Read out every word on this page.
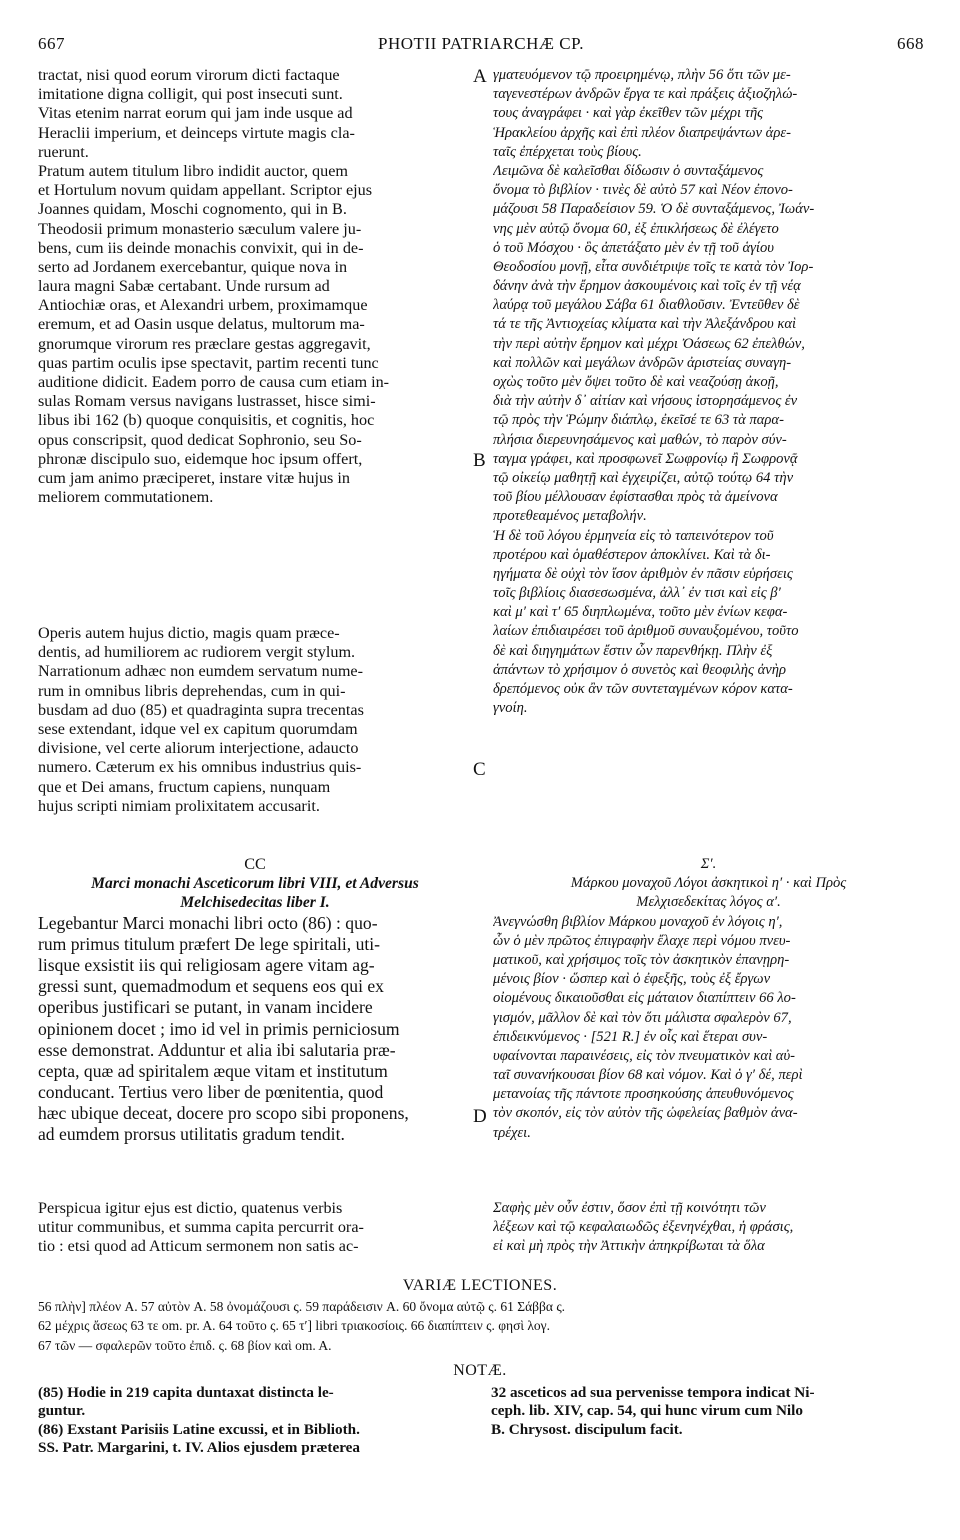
667	PHOTII PATRIARCHÆ CP.	668
tractat, nisi quod eorum virorum dicti factaque
imitatione digna colligit, qui post insecuti sunt.
Vitas etenim narrat eorum qui jam inde usque ad
Heraclii imperium, et deinceps virtute magis cla-
ruerunt.
Pratum autem titulum libro indidit auctor, quem
et Hortulum novum quidam appellant. Scriptor ejus
Joannes quidam, Moschi cognomento, qui in B.
Theodosii primum monasterio sæculum valere ju-
bens, cum iis deinde monachis convixit, qui in de-
serto ad Jordanem exercebantur, quique nova in
laura magni Sabæ certabant. Unde rursum ad
Antiochiæ oras, et Alexandri urbem, proximamque
eremum, et ad Oasin usque delatus, multorum ma-
gnorumque virorum res præclare gestas aggregavit,
quas partim oculis ipse spectavit, partim recenti tunc
auditione didicit. Eadem porro de causa cum etiam in-
sulas Romam versus navigans lustrasset, hisce simi-
libus ibi 162 (b) quoque conquisitis, et cognitis, hoc
opus conscripsit, quod dedicat Sophronio, seu So-
phronæ discipulo suo, eidemque hoc ipsum offert,
cum jam animo præciperet, instare vitæ hujus in
meliorem commutationem.
Operis autem hujus dictio, magis quam præce-
dentis, ad humiliorem ac rudiorem vergit stylum.
Narrationum adhæc non eumdem servatum nume-
rum in omnibus libris deprehendas, cum in qui-
busdam ad duo (85) et quadraginta supra trecentas
sese extendant, idque vel ex capitum quorumdam
divisione, vel certe aliorum interjectione, adaucto
numero. Cæterum ex his omnibus industrius quis-
que et Dei amans, fructum capiens, nunquam
hujus scripti nimiam prolixitatem accusarit.
CC
Marci monachi Asceticorum libri VIII, et Adversus
Melchisedecitas liber I.
Legebantur Marci monachi libri octo (86) : quo-
rum primus titulum præfert De lege spiritali, uti-
lisque exsistit iis qui religiosam agere vitam ag-
gressi sunt, quemadmodum et sequens eos qui ex
operibus justificari se putant, in vanam incidere
opinionem docet ; imo id vel in primis perniciosum
esse demonstrat. Adduntur et alia ibi salutaria præ-
cepta, quæ ad spiritalem æque vitam et institutum
conducant. Tertius vero liber de pœnitentia, quod
hæc ubique deceat, docere pro scopo sibi proponens,
ad eumdem prorsus utilitatis gradum tendit.
Perspicua igitur ejus est dictio, quatenus verbis
utitur communibus, et summa capita percurrit ora-
tio : etsi quod ad Atticum sermonem non satis ac-
γματευόμενον τῷ προειρημένῳ, πλὴν 56 ὅτι τῶν με-
ταγενεστέρων ἀνδρῶν ἔργα τε καὶ πράξεις ἀξιοζηλώ-
τους ἀναγράφει · καὶ γὰρ ἐκεῖθεν τῶν μέχρι τῆς
Ἡρακλείου ἀρχῆς καὶ ἐπὶ πλέον διαπρεψάντων ἀρε-
ταῖς ἐπέρχεται τοὺς βίους.
Λειμῶνα δὲ καλεῖσθαι δίδωσιν ὁ συνταξάμενος
ὄνομα τὸ βιβλίον · τινὲς δὲ αὐτὸ 57 καὶ Νέον ἐπονο-
μάζουσι 58 Παραδείσιον 59. Ὁ δὲ συνταξάμενος, Ἰωάν-
νης μὲν αὐτῷ ὄνομα 60, ἐξ ἐπικλήσεως δὲ ἐλέγετο
ὁ τοῦ Μόσχου · ὃς ἀπετάξατο μὲν ἐν τῇ τοῦ ἁγίου
Θεοδοσίου μονῇ, εἶτα συνδιέτριψε τοῖς τε κατὰ τὸν Ἰορ-
δάνην ἀνὰ τὴν ἔρημον ἀσκουμένοις καὶ τοῖς ἐν τῇ νέᾳ
λαύρᾳ τοῦ μεγάλου Σάβα 61 διαθλοῦσιν. Ἐντεῦθεν δὲ
τά τε τῆς Ἀντιοχείας κλίματα καὶ τὴν Ἀλεξάνδρου καὶ
τὴν περὶ αὐτὴν ἔρημον καὶ μέχρι Ὀάσεως 62 ἐπελθών,
καὶ πολλῶν καὶ μεγάλων ἀνδρῶν ἀριστείας συναγη-
οχὼς τοῦτο μὲν ὄψει τοῦτο δὲ καὶ νεαζούσῃ ἀκοῇ,
διὰ τὴν αὐτὴν δ᾽ αἰτίαν καὶ νήσους ἱστορησάμενος ἐν
τῷ πρὸς τὴν Ῥώμην διάπλῳ, ἐκεῖσέ τε 63 τὰ παρα-
πλήσια διερευνησάμενος καὶ μαθών, τὸ παρὸν σύν-
ταγμα γράφει, καὶ προσφωνεῖ Σωφρονίῳ ἢ Σωφρονᾷ
τῷ οἰκείῳ μαθητῇ καὶ ἐγχειρίζει, αὐτῷ τούτῳ 64 τὴν
τοῦ βίου μέλλουσαν ἐφίστασθαι πρὸς τὰ ἀμείνονα
προτεθεαμένος μεταβολήν.
Ἡ δὲ τοῦ λόγου ἑρμηνεία εἰς τὸ ταπεινότερον τοῦ
προτέρου καὶ ὁμαθέστερον ἀποκλίνει. Καὶ τὰ δι-
ηγήματα δὲ οὐχὶ τὸν ἴσον ἀριθμὸν ἐν πᾶσιν εὑρήσεις
τοῖς βιβλίοις διασεσωσμένα, ἀλλ᾽ ἐν τισι καὶ εἰς β′
καὶ μ′ καὶ τ′ 65 διηπλωμένα, τοῦτο μὲν ἐνίων κεφα-
λαίων ἐπιδιαιρέσει τοῦ ἀριθμοῦ συναυξομένου, τοῦτο
δὲ καὶ διηγημάτων ἔστιν ὧν παρενθήκῃ. Πλὴν ἐξ
ἁπάντων τὸ χρήσιμον ὁ συνετὸς καὶ θεοφιλὴς ἀνὴρ
δρεπόμενος οὐκ ἂν τῶν συντεταγμένων κόρον κατα-
γνοίη.
Σ′.
Μάρκου μοναχοῦ Λόγοι ἀσκητικοὶ η′ · καὶ Πρὸς
Μελχισεδεκίτας λόγος α′.
Ἀνεγνώσθη βιβλίον Μάρκου μοναχοῦ ἐν λόγοις η′,
ὧν ὁ μὲν πρῶτος ἐπιγραφὴν ἔλαχε περὶ νόμου πνευ-
ματικοῦ, καὶ χρήσιμος τοῖς τὸν ἀσκητικὸν ἐπανῃρη-
μένοις βίον · ὥσπερ καὶ ὁ ἐφεξῆς, τοὺς ἐξ ἔργων
οἰομένους δικαιοῦσθαι εἰς μάταιον διαπίπτειν 66 λο-
γισμόν, μᾶλλον δὲ καὶ τὸν ὅτι μάλιστα σφαλερὸν 67,
ἐπιδεικνύμενος · [521 R.] ἐν οἷς καὶ ἕτεραι συν-
υφαίνονται παραινέσεις, εἰς τὸν πνευματικὸν καὶ αὐ-
ταῖ συνανήκουσαι βίον 68 καὶ νόμον. Καὶ ὁ γ′ δέ, περὶ
μετανοίας τῆς πάντοτε προσηκούσης ἀπευθυνόμενος
τὸν σκοπόν, εἰς τὸν αὐτὸν τῆς ὠφελείας βαθμὸν ἀνα-
τρέχει.
Σαφὴς μὲν οὖν ἐστιν, ὅσον ἐπὶ τῇ κοινότητι τῶν
λέξεων καὶ τῷ κεφαλαιωδῶς ἐξενηνέχθαι, ἡ φράσις,
εἰ καὶ μὴ πρὸς τὴν Ἀττικὴν ἀπηκρίβωται τὰ ὅλα
A
B
C
D
VARIÆ LECTIONES.
56 πλὴν] πλέον A. 57 αὐτὸν A. 58 ὀνομάζουσι ς. 59 παράδεισιν A. 60 ὄνομα αὐτῷ ς. 61 Σάββα ς.
62 μέχρις ἄσεως 63 τε om. pr. A. 64 τοῦτο ς. 65 τ′] libri τριακοσίοις. 66 διαπίπτειν ς. φησὶ λογ.
67 τῶν — σφαλερῶν τοῦτο ἐπιδ. ς. 68 βίον καὶ om. A.
NOTÆ.
(85) Hodie in 219 capita duntaxat distincta le-
guntur.
(86) Exstant Parisiis Latine excussi, et in Biblioth.
SS. Patr. Margarini, t. IV. Alios ejusdem præterea
32 asceticos ad sua pervenisse tempora indicat Ni-
ceph. lib. XIV, cap. 54, qui hunc virum cum Nilo
B. Chrysost. discipulum facit.
